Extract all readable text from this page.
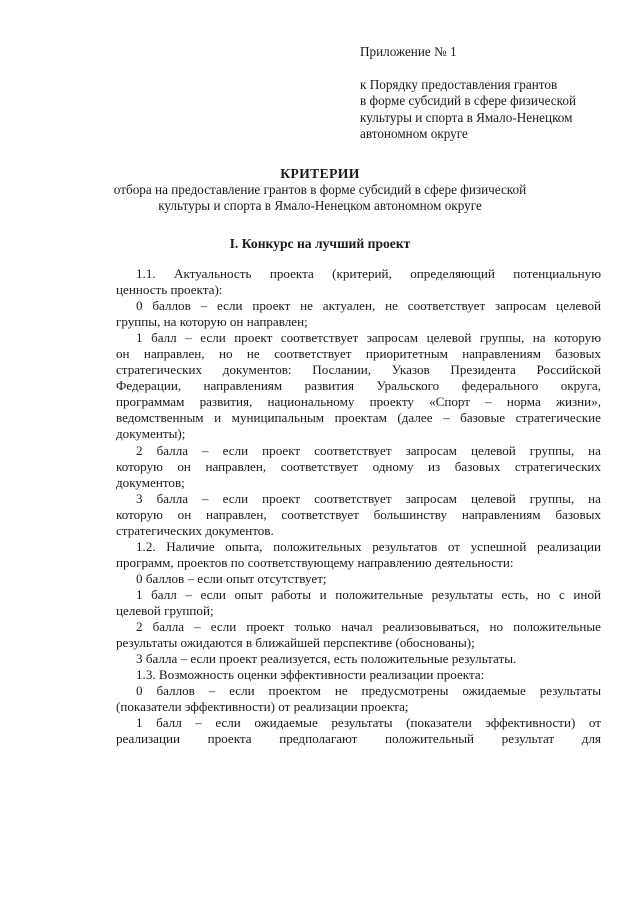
Приложение № 1
к Порядку предоставления грантов
в форме субсидий в сфере физической
культуры и спорта в Ямало-Ненецком
автономном округе
КРИТЕРИИ
отбора на предоставление грантов в форме субсидий в сфере физической
культуры и спорта в Ямало-Ненецком автономном округе
I. Конкурс на лучший проект
1.1. Актуальность проекта (критерий, определяющий потенциальную
ценность проекта):
0 баллов – если проект не актуален, не соответствует запросам целевой
группы, на которую он направлен;
1 балл – если проект соответствует запросам целевой группы, на которую
он направлен, но не соответствует приоритетным направлениям базовых
стратегических документов: Послании, Указов Президента Российской
Федерации, направлениям развития Уральского федерального округа,
программам развития, национальному проекту «Спорт – норма жизни»,
ведомственным и муниципальным проектам (далее – базовые стратегические
документы);
2 балла – если проект соответствует запросам целевой группы, на
которую он направлен, соответствует одному из базовых стратегических
документов;
3 балла – если проект соответствует запросам целевой группы, на
которую он направлен, соответствует большинству направлениям базовых
стратегических документов.
1.2. Наличие опыта, положительных результатов от успешной реализации
программ, проектов по соответствующему направлению деятельности:
0 баллов – если опыт отсутствует;
1 балл – если опыт работы и положительные результаты есть, но с иной
целевой группой;
2 балла – если проект только начал реализовываться, но положительные
результаты ожидаются в ближайшей перспективе (обоснованы);
3 балла – если проект реализуется, есть положительные результаты.
1.3. Возможность оценки эффективности реализации проекта:
0 баллов – если проектом не предусмотрены ожидаемые результаты
(показатели эффективности) от реализации проекта;
1 балл – если ожидаемые результаты (показатели эффективности) от
реализации проекта предполагают положительный результат для
